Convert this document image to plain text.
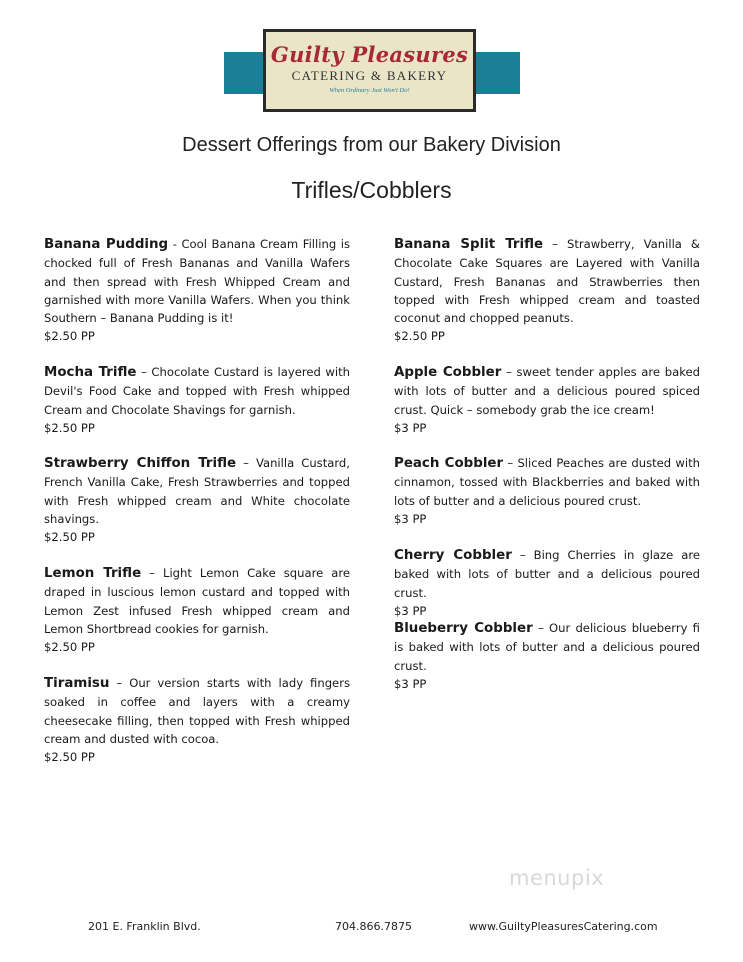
Guilty Pleasures
CATERING & BAKERY
When Ordinary Just Won't Do!
Dessert Offerings from our Bakery Division
Trifles/Cobblers
Banana Pudding - Cool Banana Cream Filling is chocked full of Fresh Bananas and Vanilla Wafers and then spread with Fresh Whipped Cream and garnished with more Vanilla Wafers. When you think Southern – Banana Pudding is it!
$2.50 PP
Mocha Trifle – Chocolate Custard is layered with Devil's Food Cake and topped with Fresh whipped Cream and Chocolate Shavings for garnish.
$2.50 PP
Strawberry Chiffon Trifle – Vanilla Custard, French Vanilla Cake, Fresh Strawberries and topped with Fresh whipped cream and White chocolate shavings.
$2.50 PP
Lemon Trifle – Light Lemon Cake square are draped in luscious lemon custard and topped with Lemon Zest infused Fresh whipped cream and Lemon Shortbread cookies for garnish.
$2.50 PP
Tiramisu – Our version starts with lady fingers soaked in coffee and layers with a creamy cheesecake filling, then topped with Fresh whipped cream and dusted with cocoa.
$2.50 PP
Banana Split Trifle – Strawberry, Vanilla & Chocolate Cake Squares are Layered with Vanilla Custard, Fresh Bananas and Strawberries then topped with Fresh whipped cream and toasted coconut and chopped peanuts.
$2.50 PP
Apple Cobbler – sweet tender apples are baked with lots of butter and a delicious poured spiced crust. Quick – somebody grab the ice cream!
$3 PP
Peach Cobbler – Sliced Peaches are dusted with cinnamon, tossed with Blackberries and baked with lots of butter and a delicious poured crust.
$3 PP
Cherry Cobbler – Bing Cherries in glaze are baked with lots of butter and a delicious poured crust.
$3 PP
Blueberry Cobbler – Our delicious blueberry fi is baked with lots of butter and a delicious poured crust.
$3 PP
menupix
201 E. Franklin Blvd.	704.866.7875	www.GuiltyPleasuresCatering.com
